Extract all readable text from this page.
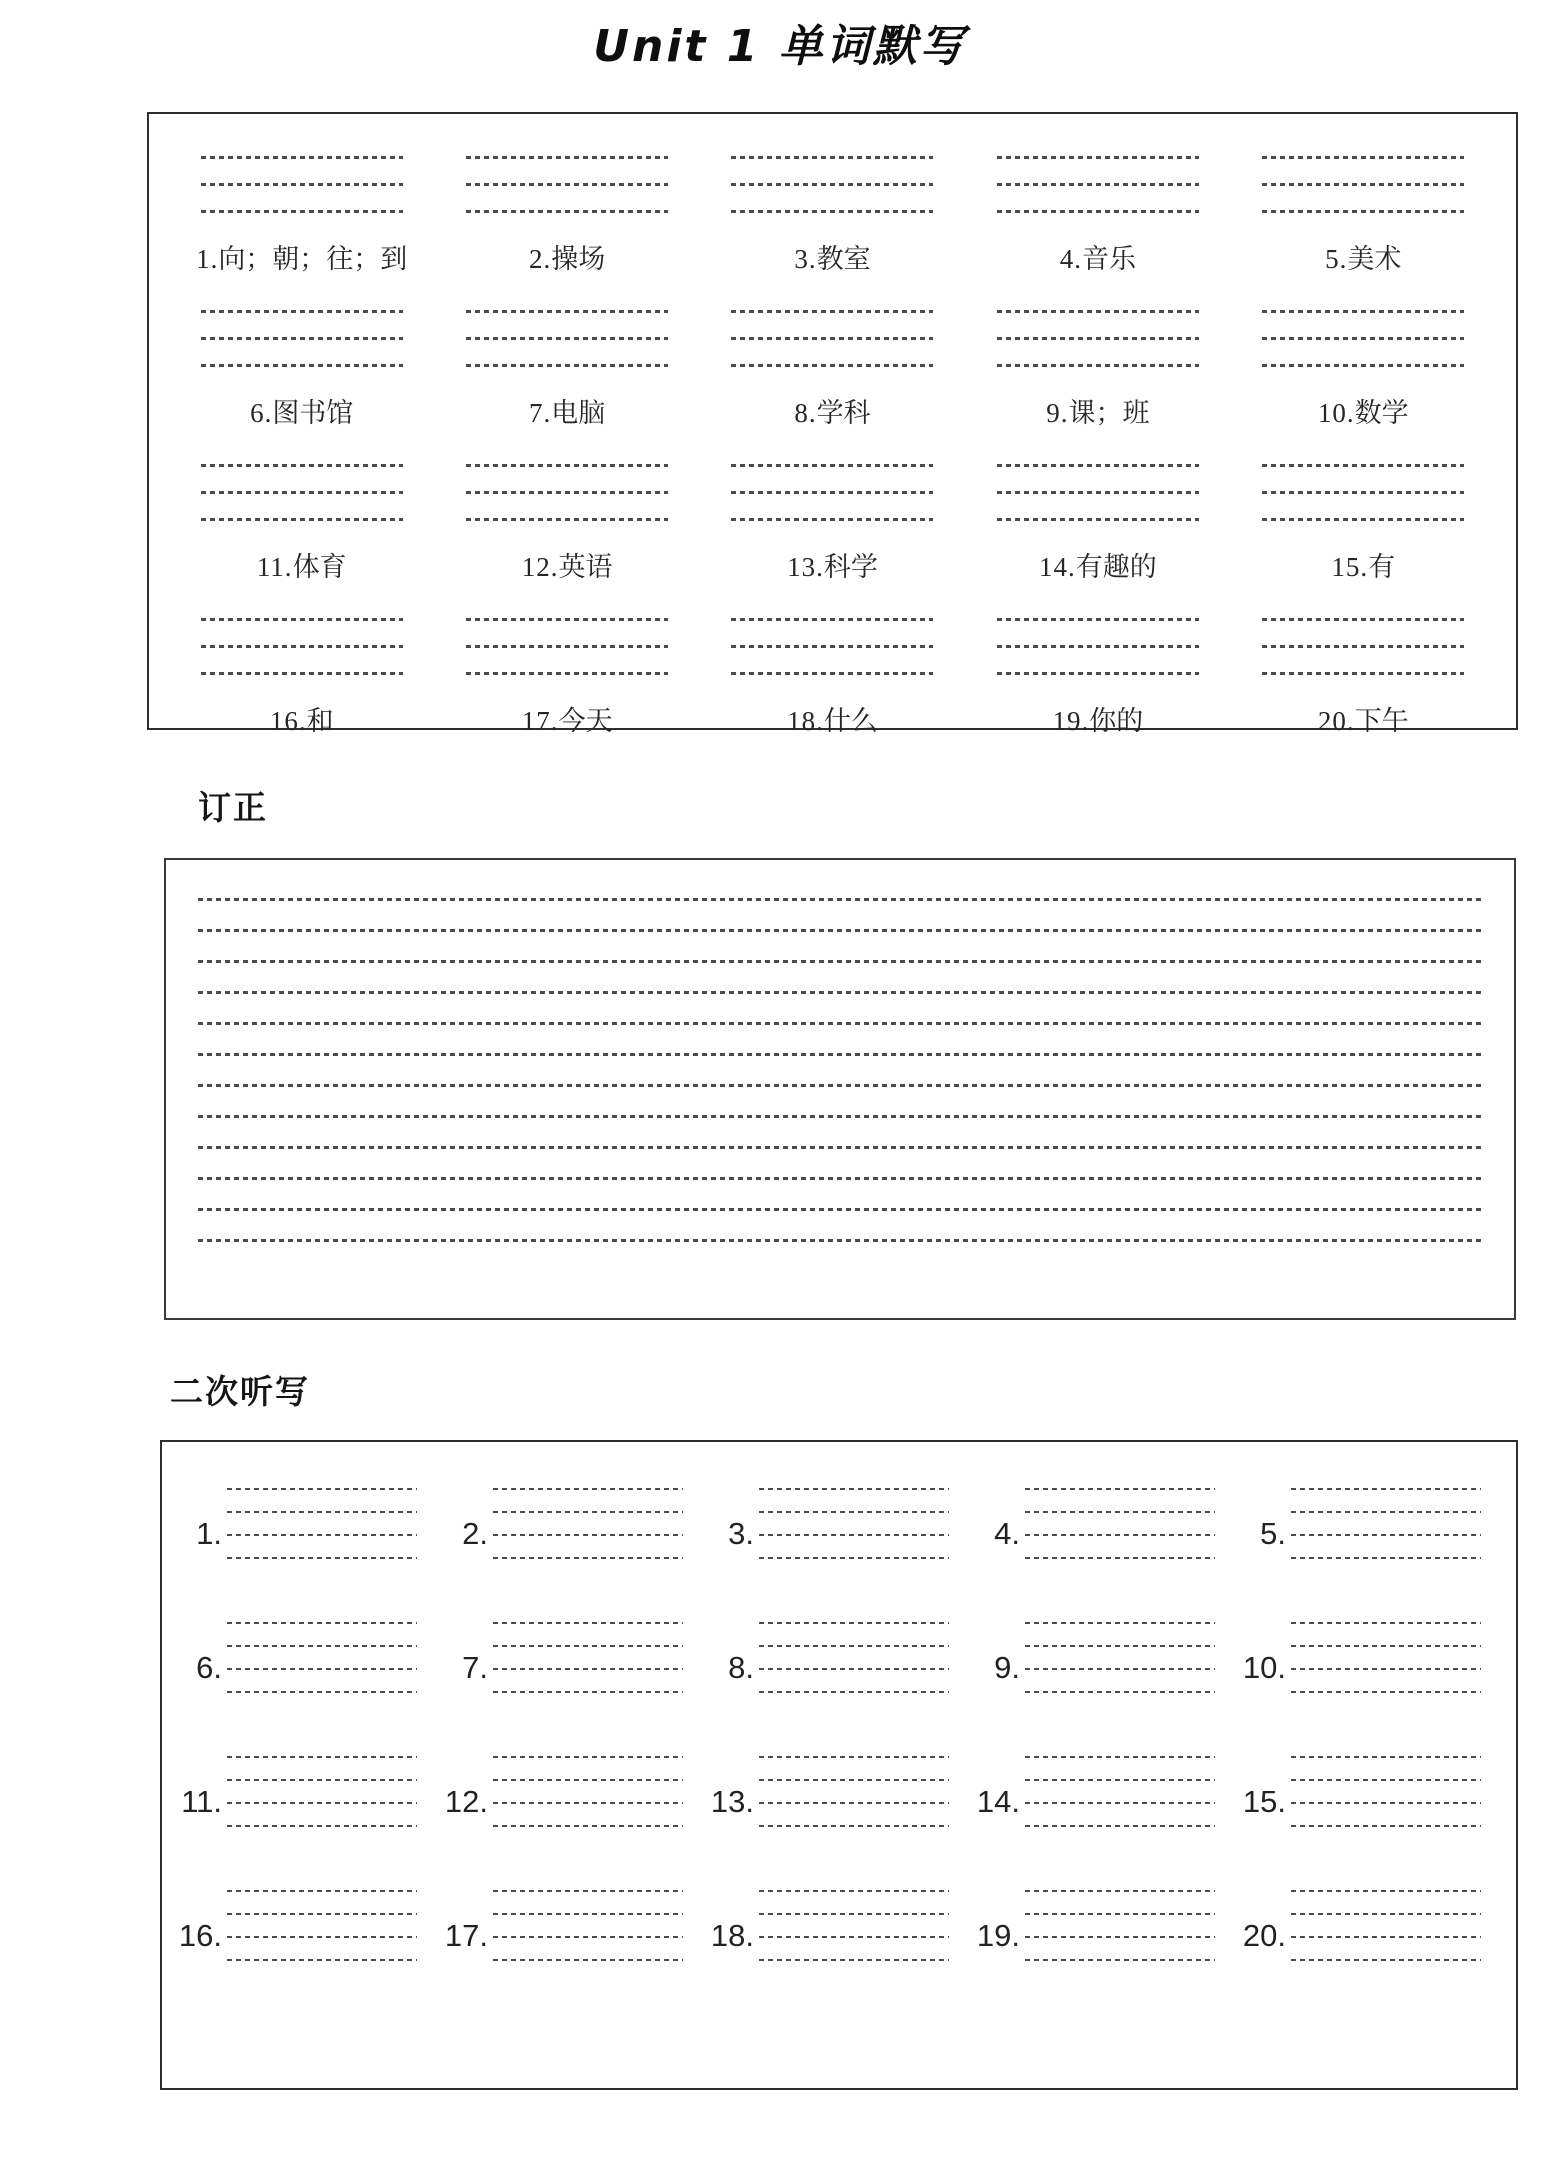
Unit 1 单词默写
1.向；朝；往；到	2.操场	3.教室	4.音乐	5.美术
6.图书馆	7.电脑	8.学科	9.课；班	10.数学
11.体育	12.英语	13.科学	14.有趣的	15.有
16.和	17.今天	18.什么	19.你的	20.下午
订正
二次听写
1.	2.	3.	4.	5.
6.	7.	8.	9.	10.
11.	12.	13.	14.	15.
16.	17.	18.	19.	20.
